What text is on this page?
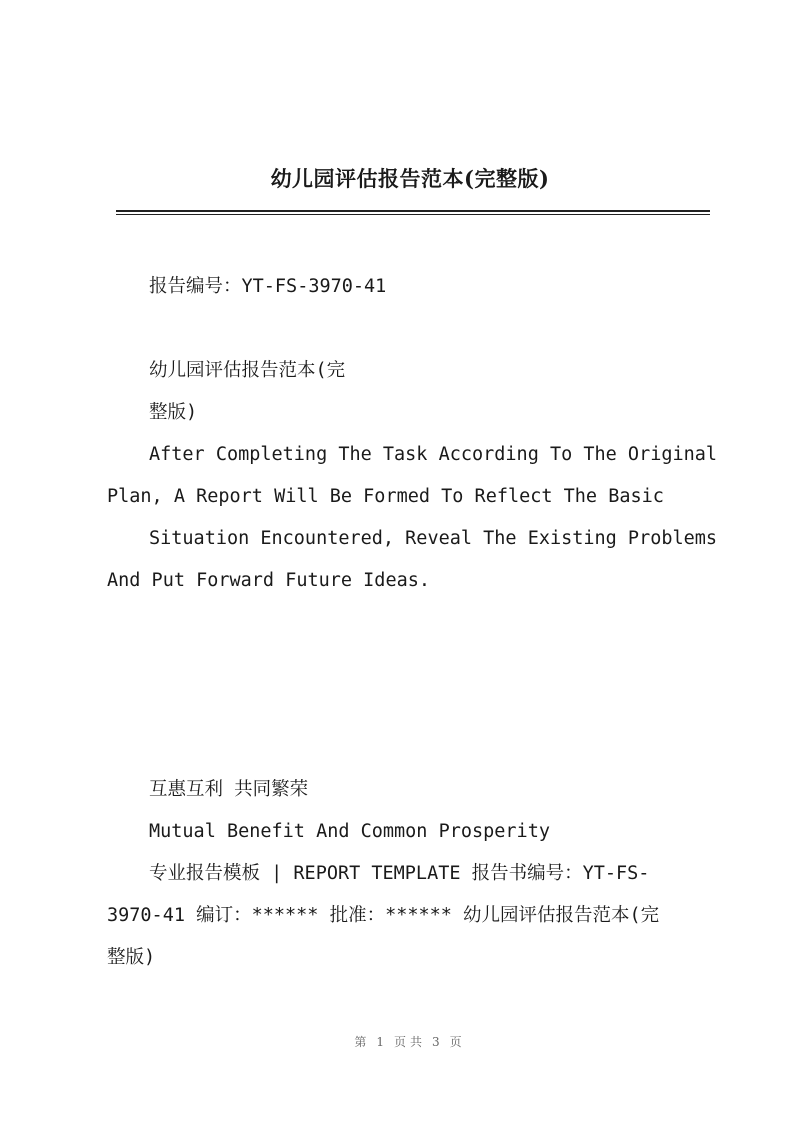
幼儿园评估报告范本(完整版)
报告编号：YT-FS-3970-41
幼儿园评估报告范本(完
整版)
After Completing The Task According To The Original
Plan, A Report Will Be Formed To Reflect The Basic
Situation Encountered, Reveal The Existing Problems
And Put Forward Future Ideas.
互惠互利 共同繁荣
Mutual Benefit And Common Prosperity
专业报告模板 | REPORT TEMPLATE 报告书编号：YT-FS-
3970-41 编订：****** 批准：****** 幼儿园评估报告范本(完
整版)
第 1 页共 3 页
